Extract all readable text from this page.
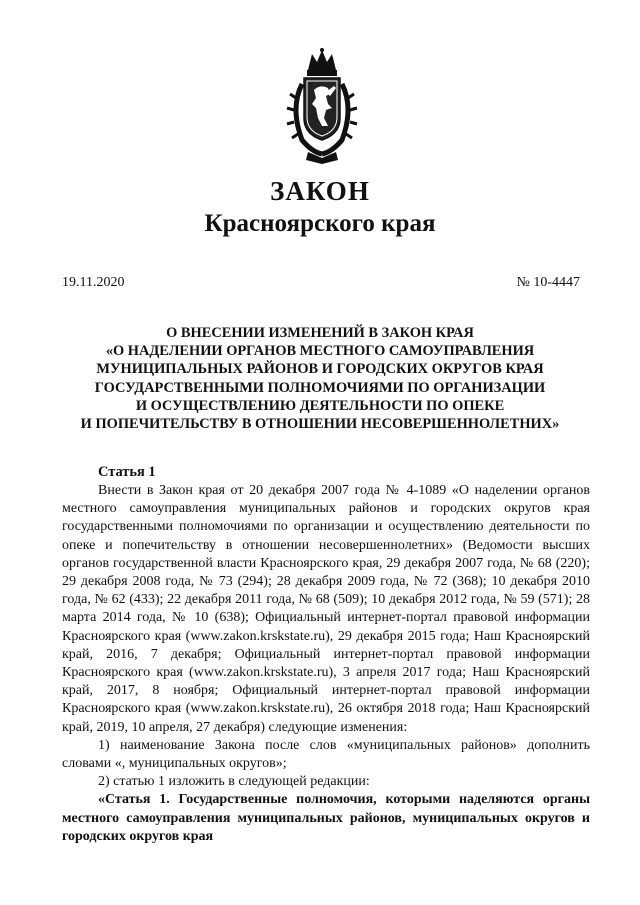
ЗАКОН
Красноярского края
19.11.2020	№ 10-4447
О ВНЕСЕНИИ ИЗМЕНЕНИЙ В ЗАКОН КРАЯ
«О НАДЕЛЕНИИ ОРГАНОВ МЕСТНОГО САМОУПРАВЛЕНИЯ
МУНИЦИПАЛЬНЫХ РАЙОНОВ И ГОРОДСКИХ ОКРУГОВ КРАЯ
ГОСУДАРСТВЕННЫМИ ПОЛНОМОЧИЯМИ ПО ОРГАНИЗАЦИИ
И ОСУЩЕСТВЛЕНИЮ ДЕЯТЕЛЬНОСТИ ПО ОПЕКЕ
И ПОПЕЧИТЕЛЬСТВУ В ОТНОШЕНИИ НЕСОВЕРШЕННОЛЕТНИХ»
Статья 1

Внести в Закон края от 20 декабря 2007 года № 4-1089 «О наделении органов местного самоуправления муниципальных районов и городских округов края государственными полномочиями по организации и осуществлению деятельности по опеке и попечительству в отношении несовершеннолетних» (Ведомости высших органов государственной власти Красноярского края, 29 декабря 2007 года, № 68 (220); 29 декабря 2008 года, № 73 (294); 28 декабря 2009 года, № 72 (368); 10 декабря 2010 года, № 62 (433); 22 декабря 2011 года, № 68 (509); 10 декабря 2012 года, № 59 (571); 28 марта 2014 года, № 10 (638); Официальный интернет-портал правовой информации Красноярского края (www.zakon.krskstate.ru), 29 декабря 2015 года; Наш Красноярский край, 2016, 7 декабря; Официальный интернет-портал правовой информации Красноярского края (www.zakon.krskstate.ru), 3 апреля 2017 года; Наш Красноярский край, 2017, 8 ноября; Официальный интернет-портал правовой информации Красноярского края (www.zakon.krskstate.ru), 26 октября 2018 года; Наш Красноярский край, 2019, 10 апреля, 27 декабря) следующие изменения:

1) наименование Закона после слов «муниципальных районов» дополнить словами «, муниципальных округов»;

2) статью 1 изложить в следующей редакции:

«Статья 1. Государственные полномочия, которыми наделяются органы местного самоуправления муниципальных районов, муниципальных округов и городских округов края
